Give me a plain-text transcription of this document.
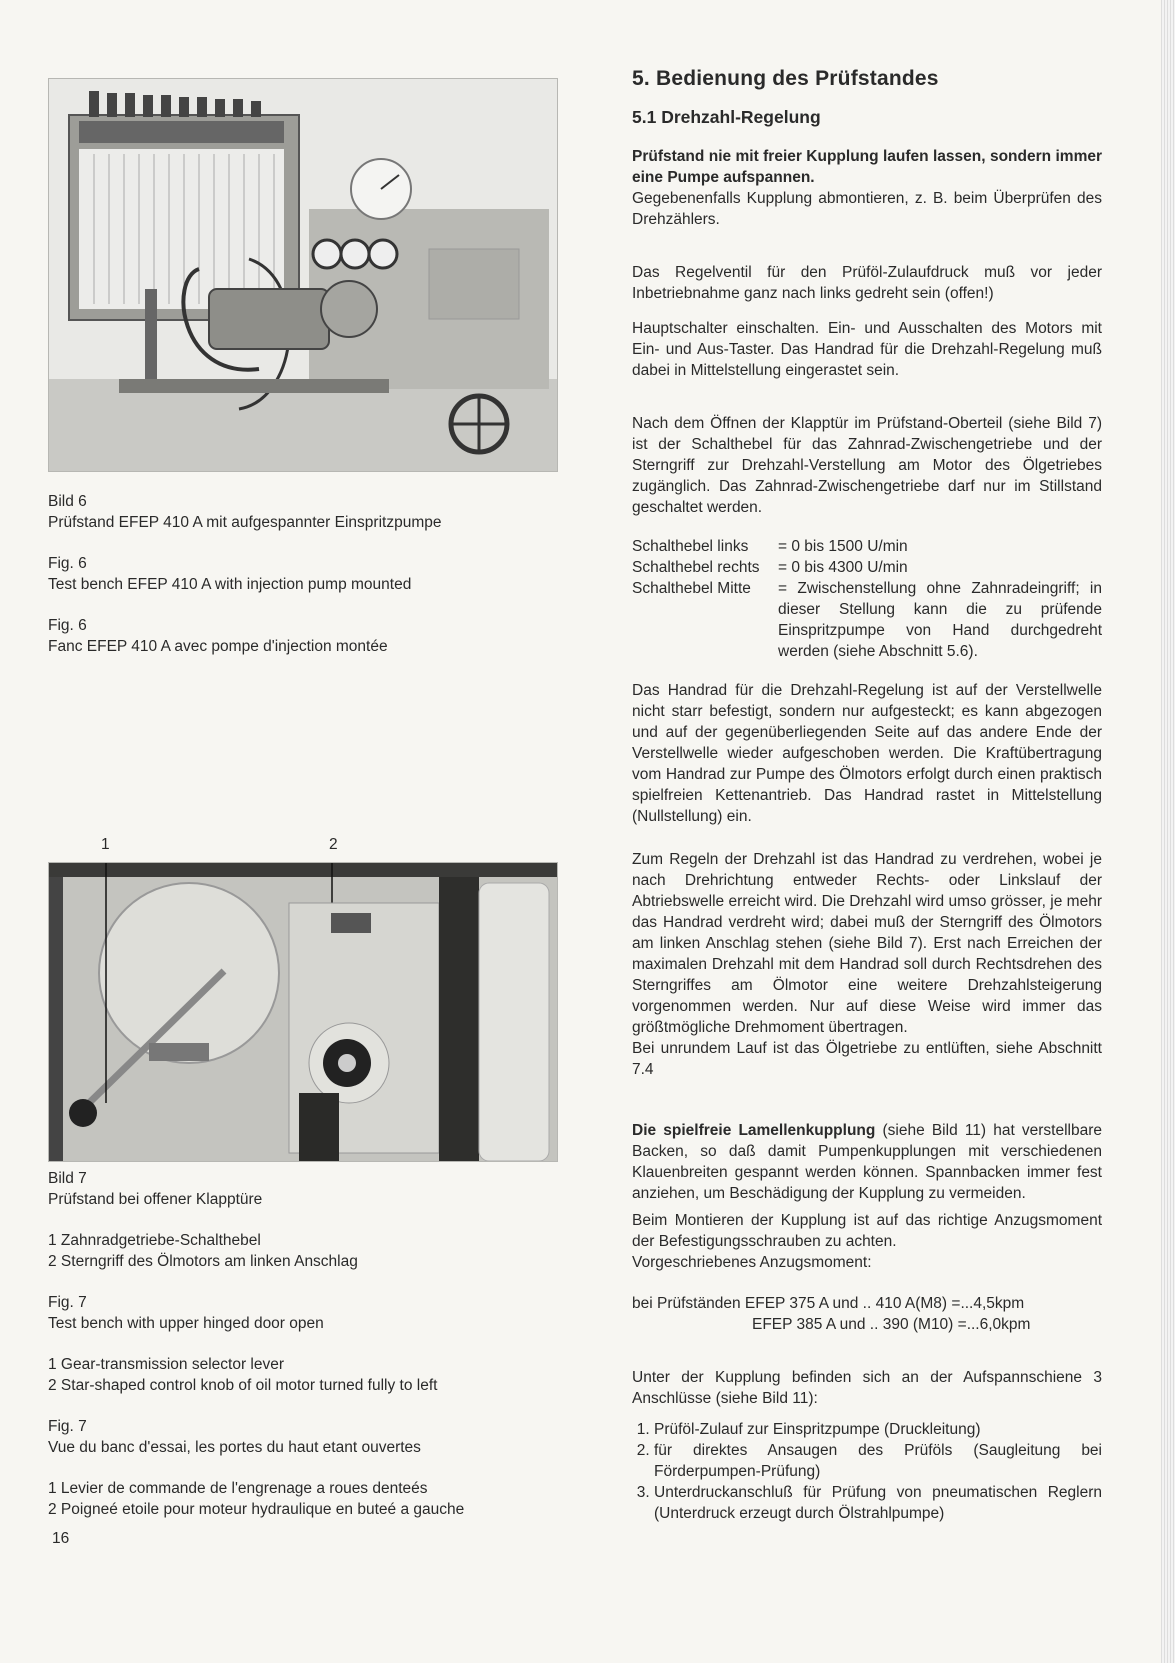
Bild 6

Prüfstand EFEP 410 A mit aufgespannter Einspritzpumpe

Fig. 6

Test bench EFEP 410 A with injection pump mounted

Fig. 6

Fanc EFEP 410 A avec pompe d'injection montée

1	2

Bild 7

Prüfstand bei offener Klapptüre

1 Zahnradgetriebe-Schalthebel

2 Sterngriff des Ölmotors am linken Anschlag

Fig. 7

Test bench with upper hinged door open

1 Gear-transmission selector lever

2 Star-shaped control knob of oil motor turned fully to left

Fig. 7

Vue du banc d'essai, les portes du haut etant ouvertes

1 Levier de commande de l'engrenage a roues denteés

2 Poigneé etoile pour moteur hydraulique en buteé a gauche

16
5. Bedienung des Prüfstandes
5.1 Drehzahl-Regelung

Prüfstand nie mit freier Kupplung laufen lassen, sondern immer eine Pumpe aufspannen.

Gegebenenfalls Kupplung abmontieren, z. B. beim Überprüfen des Drehzählers.

Das Regelventil für den Prüföl-Zulaufdruck muß vor jeder Inbetriebnahme ganz nach links gedreht sein (offen!)

Hauptschalter einschalten. Ein- und Ausschalten des Motors mit Ein- und Aus-Taster. Das Handrad für die Drehzahl-Regelung muß dabei in Mittelstellung eingerastet sein.

Nach dem Öffnen der Klapptür im Prüfstand-Oberteil (siehe Bild 7) ist der Schalthebel für das Zahnrad-Zwischengetriebe und der Sterngriff zur Drehzahl-Verstellung am Motor des Ölgetriebes zugänglich. Das Zahnrad-Zwischengetriebe darf nur im Stillstand geschaltet werden.

Schalthebel links	= 0 bis 1500 U/min
Schalthebel rechts	= 0 bis 4300 U/min
Schalthebel Mitte	= Zwischenstellung ohne Zahnradeingriff; in dieser Stellung kann die zu prüfende Einspritzpumpe von Hand durchgedreht werden (siehe Abschnitt 5.6).

Das Handrad für die Drehzahl-Regelung ist auf der Verstellwelle nicht starr befestigt, sondern nur aufgesteckt; es kann abgezogen und auf der gegenüberliegenden Seite auf das andere Ende der Verstellwelle wieder aufgeschoben werden. Die Kraftübertragung vom Handrad zur Pumpe des Ölmotors erfolgt durch einen praktisch spielfreien Kettenantrieb. Das Handrad rastet in Mittelstellung (Nullstellung) ein.

Zum Regeln der Drehzahl ist das Handrad zu verdrehen, wobei je nach Drehrichtung entweder Rechts- oder Linkslauf der Abtriebswelle erreicht wird. Die Drehzahl wird umso grösser, je mehr das Handrad verdreht wird; dabei muß der Sterngriff des Ölmotors am linken Anschlag stehen (siehe Bild 7). Erst nach Erreichen der maximalen Drehzahl mit dem Handrad soll durch Rechtsdrehen des Sterngriffes am Ölmotor eine weitere Drehzahlsteigerung vorgenommen werden. Nur auf diese Weise wird immer das größtmögliche Drehmoment übertragen.

Bei unrundem Lauf ist das Ölgetriebe zu entlüften, siehe Abschnitt 7.4

Die spielfreie Lamellenkupplung (siehe Bild 11) hat verstellbare Backen, so daß damit Pumpenkupplungen mit verschiedenen Klauenbreiten gespannt werden können. Spannbacken immer fest anziehen, um Beschädigung der Kupplung zu vermeiden.

Beim Montieren der Kupplung ist auf das richtige Anzugsmoment der Befestigungsschrauben zu achten.

Vorgeschriebenes Anzugsmoment:

bei Prüfständen EFEP 375 A und .. 410 A(M8) =...4,5kpm

EFEP 385 A und .. 390 (M10) =...6,0kpm

Unter der Kupplung befinden sich an der Aufspannschiene 3 Anschlüsse (siehe Bild 11):

1. Prüföl-Zulauf zur Einspritzpumpe (Druckleitung)
2. für direktes Ansaugen des Prüföls (Saugleitung bei Förderpumpen-Prüfung)
3. Unterdruckanschluß für Prüfung von pneumatischen Reglern (Unterdruck erzeugt durch Ölstrahlpumpe)
